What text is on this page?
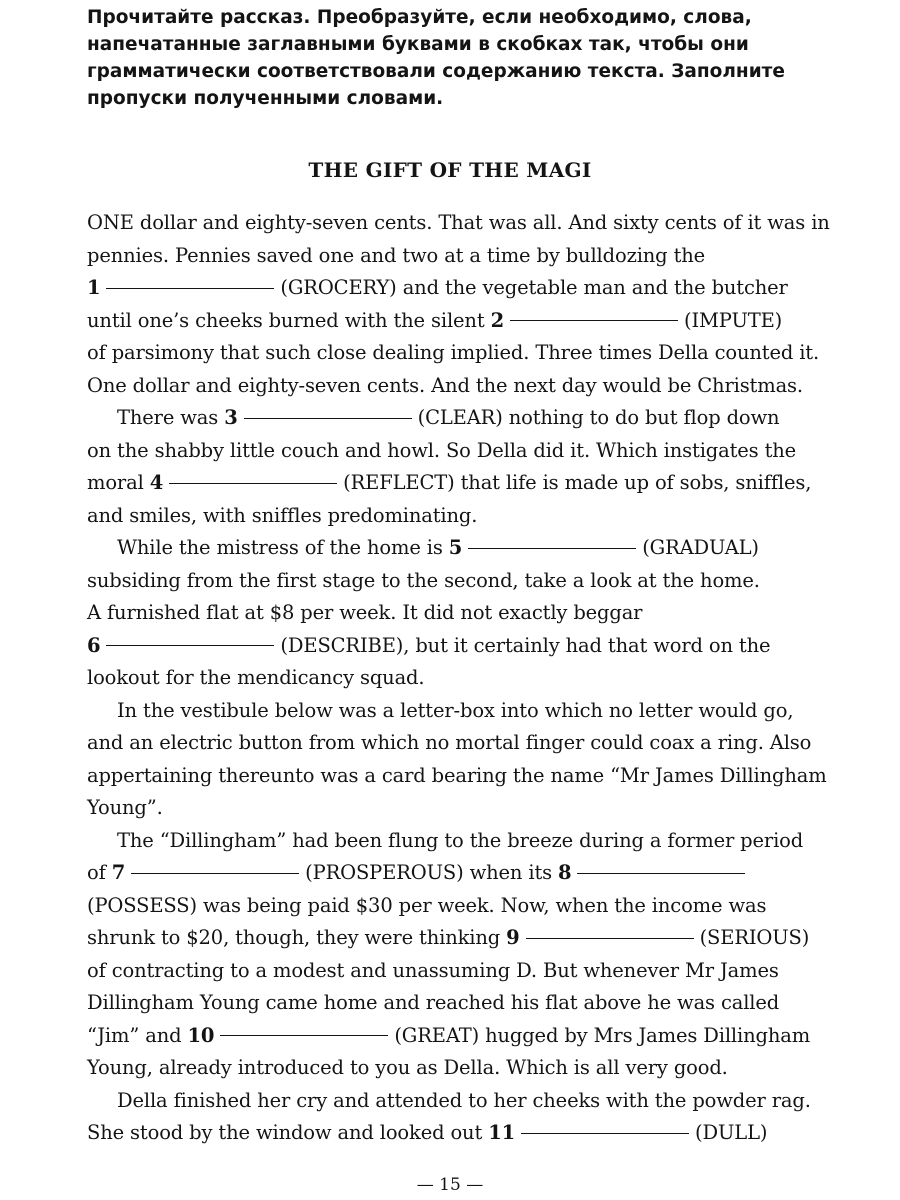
Прочитайте рассказ. Преобразуйте, если необходимо, слова, напечатанные заглавными буквами в скобках так, чтобы они грамматически соответствовали содержанию текста. Заполните пропуски полученными словами.

THE GIFT OF THE MAGI
ONE dollar and eighty-seven cents. That was all. And sixty cents of it was in
pennies. Pennies saved one and two at a time by bulldozing the
1	(GROCERY) and the vegetable man and the butcher
until one’s cheeks burned with the silent 2	(IMPUTE)
of parsimony that such close dealing implied. Three times Della counted it.
One dollar and eighty-seven cents. And the next day would be Christmas.
There was 3	(CLEAR) nothing to do but flop down
on the shabby little couch and howl. So Della did it. Which instigates the
moral 4	(REFLECT) that life is made up of sobs, sniffles,
and smiles, with sniffles predominating.
While the mistress of the home is 5	(GRADUAL)
subsiding from the first stage to the second, take a look at the home.
A furnished flat at $8 per week. It did not exactly beggar
6	(DESCRIBE), but it certainly had that word on the
lookout for the mendicancy squad.
In the vestibule below was a letter-box into which no letter would go,
and an electric button from which no mortal finger could coax a ring. Also
appertaining thereunto was a card bearing the name “Mr James Dillingham
Young”.
The “Dillingham” had been flung to the breeze during a former period
of 7	(PROSPEROUS) when its 8
(POSSESS) was being paid $30 per week. Now, when the income was
shrunk to $20, though, they were thinking 9	(SERIOUS)
of contracting to a modest and unassuming D. But whenever Mr James
Dillingham Young came home and reached his flat above he was called
“Jim” and 10	(GREAT) hugged by Mrs James Dillingham
Young, already introduced to you as Della. Which is all very good.
Della finished her cry and attended to her cheeks with the powder rag.
She stood by the window and looked out 11	(DULL)
— 15 —
